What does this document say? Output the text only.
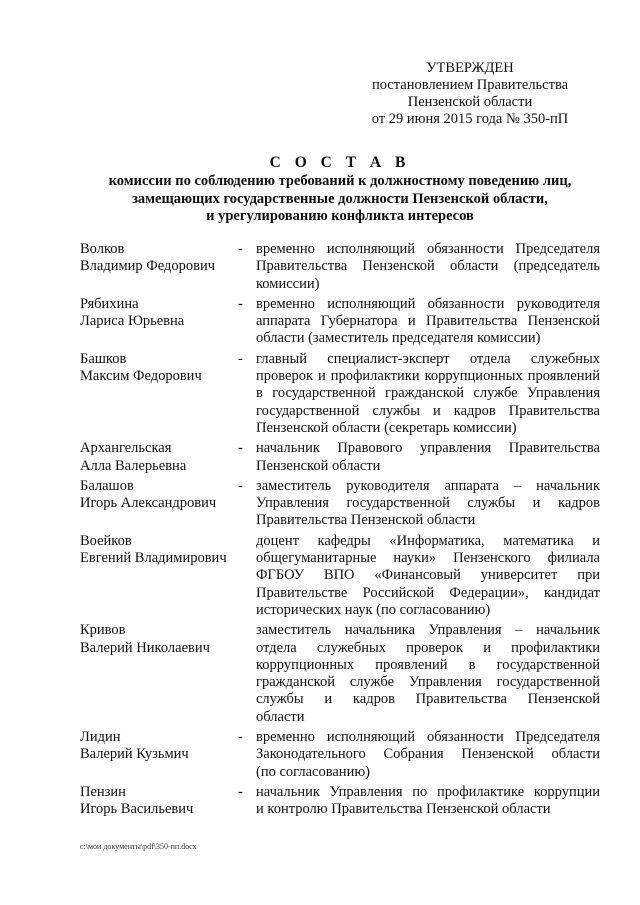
УТВЕРЖДЕН
постановлением Правительства
Пензенской области
от 29 июня 2015 года № 350-пП
С О С Т А В
комиссии по соблюдению требований к должностному поведению лиц,
замещающих государственные должности Пензенской области,
и урегулированию конфликта интересов
Волков
Владимир Федорович
- временно исполняющий обязанности Председателя
Правительства Пензенской области (председатель
комиссии)
Рябихина
Лариса Юрьевна
- временно исполняющий обязанности руководителя
аппарата Губернатора и Правительства Пензенской
области (заместитель председателя комиссии)
Башков
Максим Федорович
- главный специалист-эксперт отдела служебных
проверок и профилактики коррупционных проявлений
в государственной гражданской службе Управления
государственной службы и кадров Правительства
Пензенской области (секретарь комиссии)
Архангельская
Алла Валерьевна
- начальник Правового управления Правительства
Пензенской области
Балашов
Игорь Александрович
- заместитель руководителя аппарата – начальник
Управления государственной службы и кадров
Правительства Пензенской области
Воейков
Евгений Владимирович
доцент кафедры «Информатика, математика и
общегуманитарные науки» Пензенского филиала
ФГБОУ ВПО «Финансовый университет при
Правительстве Российской Федерации», кандидат
исторических наук (по согласованию)
Кривов
Валерий Николаевич
заместитель начальника Управления – начальник
отдела служебных проверок и профилактики
коррупционных проявлений в государственной
гражданской службе Управления государственной
службы и кадров Правительства Пензенской
области
Лидин
Валерий Кузьмич
- временно исполняющий обязанности Председателя
Законодательного Собрания Пензенской области
(по согласованию)
Пензин
Игорь Васильевич
- начальник Управления по профилактике коррупции
и контролю Правительства Пензенской области
c:\мои документы\pdf\350-пп.docx
